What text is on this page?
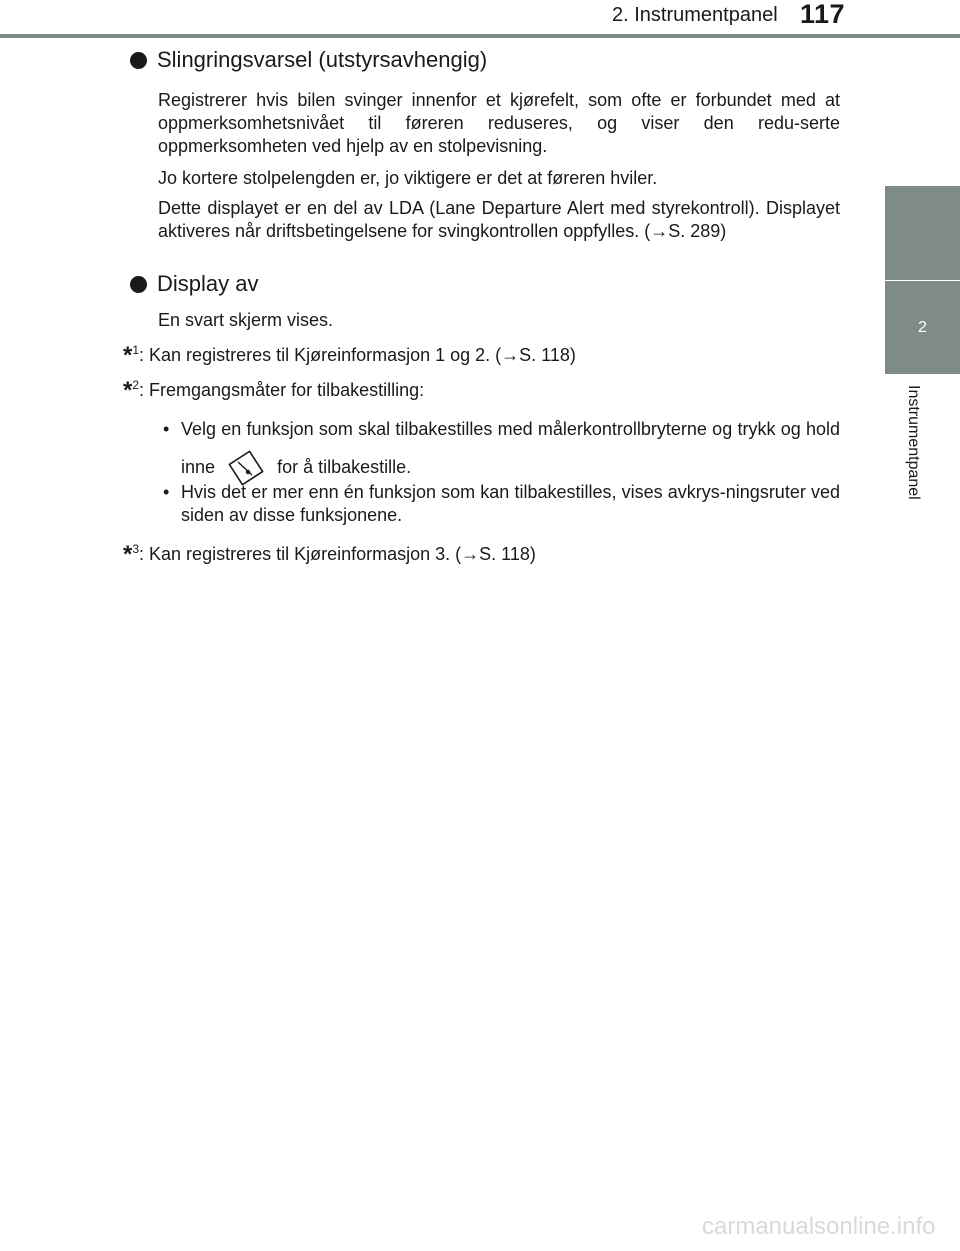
2. Instrumentpanel 117
2
Instrumentpanel
Slingringsvarsel (utstyrsavhengig)
Registrerer hvis bilen svinger innenfor et kjørefelt, som ofte er forbundet med at oppmerksomhetsnivået til føreren reduseres, og viser den redu-serte oppmerksomheten ved hjelp av en stolpevisning.
Jo kortere stolpelengden er, jo viktigere er det at føreren hviler.
Dette displayet er en del av LDA (Lane Departure Alert med styrekontroll). Displayet aktiveres når driftsbetingelsene for svingkontrollen oppfylles. (→S. 289)
Display av
En svart skjerm vises.
*$^1$: Kan registreres til Kjøreinformasjon 1 og 2. (→S. 118)
*$^2$: Fremgangsmåter for tilbakestilling:
• Velg en funksjon som skal tilbakestilles med målerkontrollbryterne og trykk og hold inne	for å tilbakestille.
• Hvis det er mer enn én funksjon som kan tilbakestilles, vises avkrys-ningsruter ved siden av disse funksjonene.
*$^3$: Kan registreres til Kjøreinformasjon 3. (→S. 118)
carmanualsonline.info
